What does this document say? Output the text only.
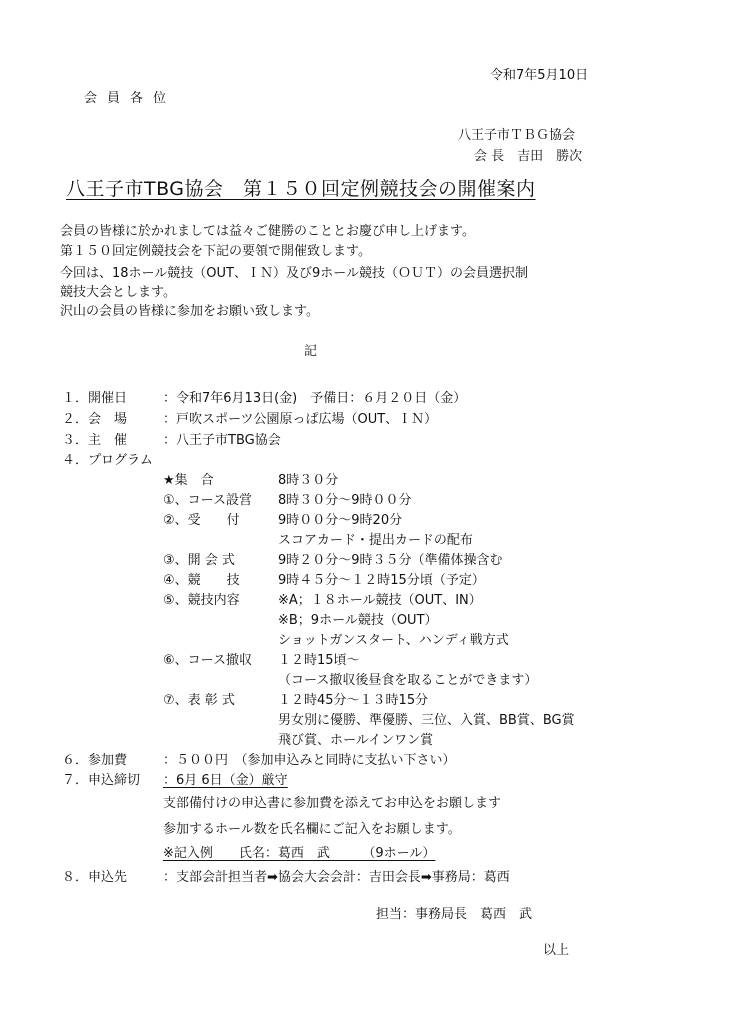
令和7年5月10日
会員各位
八王子市ＴＢＧ協会
会 長　吉田　勝次
八王子市TBG協会　第１５０回定例競技会の開催案内
会員の皆様に於かれましては益々ご健勝のこととお慶び申し上げます。
第１５０回定例競技会を下記の要領で開催致します。
今回は、18ホール競技（OUT、ＩＮ）及び9ホール競技（ＯＵＴ）の会員選択制
競技大会とします。
沢山の会員の皆様に参加をお願い致します。
記
１．開催日	：令和7年6月13日(金)　予備日：６月２０日（金）
２．会　場	：戸吹スポーツ公園原っぱ広場（OUT、ＩＮ）
３．主　催	：八王子市TBG協会
４．プログラム
★集　合	8時３０分
①、コース設営 8時３０分～9時００分
②、受　　付	9時００分～9時20分
スコアカード・提出カードの配布
③、開 会 式	9時２０分～9時３５分（準備体操含む
④、競　　技	9時４５分～１２時15分頃（予定）
⑤、競技内容	※A；１８ホール競技（OUT、IN）
※B；9ホール競技（OUT）
ショットガンスタート、ハンディ戦方式
⑥、コース撤収 １２時15頃～
（コース撤収後昼食を取ることができます）
⑦、表 彰 式	１２時45分～１３時15分
男女別に優勝、準優勝、三位、入賞、BB賞、BG賞
飛び賞、ホールインワン賞
６．参加費	：５００円　（参加申込みと同時に支払い下さい）
７．申込締切 ：6月 6日（金）厳守
支部備付けの申込書に参加費を添えてお申込をお願します
参加するホール数を氏名欄にご記入をお願します。
※記入例　　氏名：葛西　武　　　（9ホール）
８．申込先	：支部会計担当者➡協会大会会計：吉田会長➡事務局：葛西
担当：事務局長　葛西　武
以上
